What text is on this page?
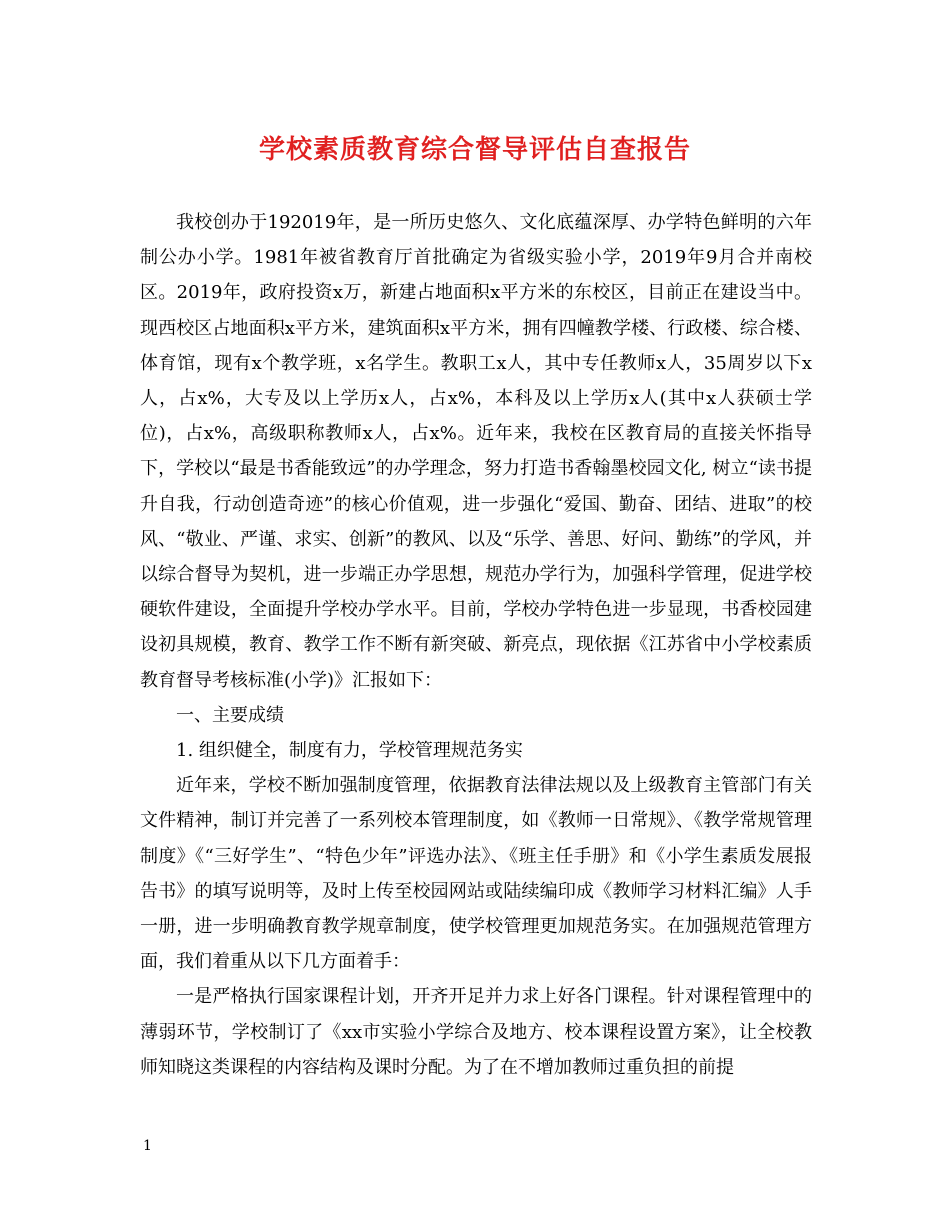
学校素质教育综合督导评估自查报告

我校创办于192019年，是一所历史悠久、文化底蕴深厚、办学特色鲜明的六年制公办小学。1981年被省教育厅首批确定为省级实验小学，2019年9月合并南校区。2019年，政府投资x万，新建占地面积x平方米的东校区，目前正在建设当中。现西校区占地面积x平方米，建筑面积x平方米，拥有四幢教学楼、行政楼、综合楼、体育馆，现有x个教学班，x名学生。教职工x人，其中专任教师x人，35周岁以下x人，占x%，大专及以上学历x人，占x%，本科及以上学历x人(其中x人获硕士学位)，占x%，高级职称教师x人，占x%。近年来，我校在区教育局的直接关怀指导下，学校以“最是书香能致远”的办学理念，努力打造书香翰墨校园文化, 树立“读书提升自我，行动创造奇迹”的核心价值观，进一步强化“爱国、勤奋、团结、进取”的校风、“敬业、严谨、求实、创新”的教风、以及“乐学、善思、好问、勤练”的学风，并以综合督导为契机，进一步端正办学思想，规范办学行为，加强科学管理，促进学校硬软件建设，全面提升学校办学水平。目前，学校办学特色进一步显现，书香校园建设初具规模，教育、教学工作不断有新突破、新亮点，现依据《江苏省中小学校素质教育督导考核标准(小学)》汇报如下：

一、主要成绩

1. 组织健全，制度有力，学校管理规范务实

近年来，学校不断加强制度管理，依据教育法律法规以及上级教育主管部门有关文件精神，制订并完善了一系列校本管理制度，如《教师一日常规》、《教学常规管理制度》《“三好学生”、“特色少年”评选办法》、《班主任手册》和《小学生素质发展报告书》的填写说明等，及时上传至校园网站或陆续编印成《教师学习材料汇编》人手一册，进一步明确教育教学规章制度，使学校管理更加规范务实。在加强规范管理方面，我们着重从以下几方面着手：

一是严格执行国家课程计划，开齐开足并力求上好各门课程。针对课程管理中的薄弱环节，学校制订了《xx市实验小学综合及地方、校本课程设置方案》，让全校教师知晓这类课程的内容结构及课时分配。为了在不增加教师过重负担的前提

1
